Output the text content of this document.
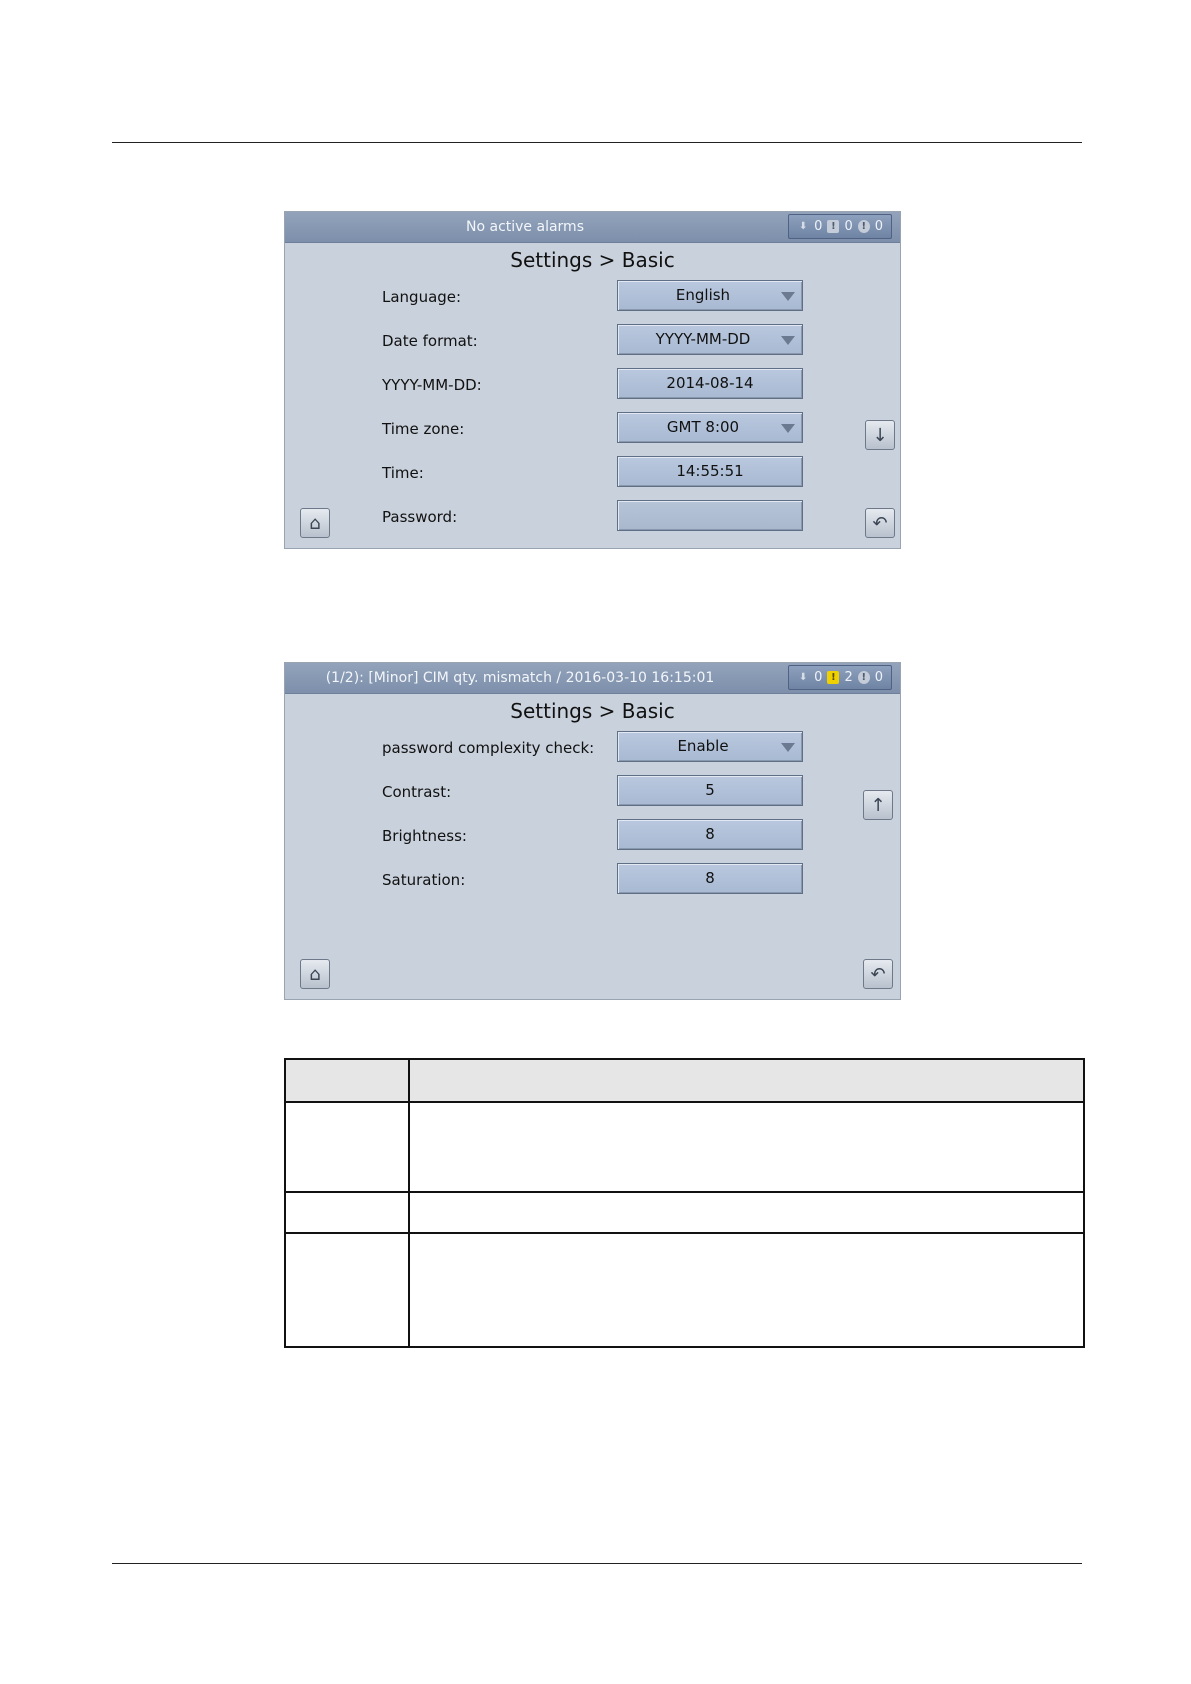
No active alarms	⬇ 0 ! 0 ! 0
Settings > Basic
Language:	English
Date format:	YYYY-MM-DD
YYYY-MM-DD:	2014-08-14
Time zone:	GMT 8:00
Time:	14:55:51
Password:
⌂
↓
↶
(1/2): [Minor] CIM qty. mismatch / 2016-03-10 16:15:01	⬇ 0 ! 2 ! 0
Settings > Basic
password complexity check:	Enable
Contrast:	5
Brightness:	8
Saturation:	8
⌂
↑
↶
